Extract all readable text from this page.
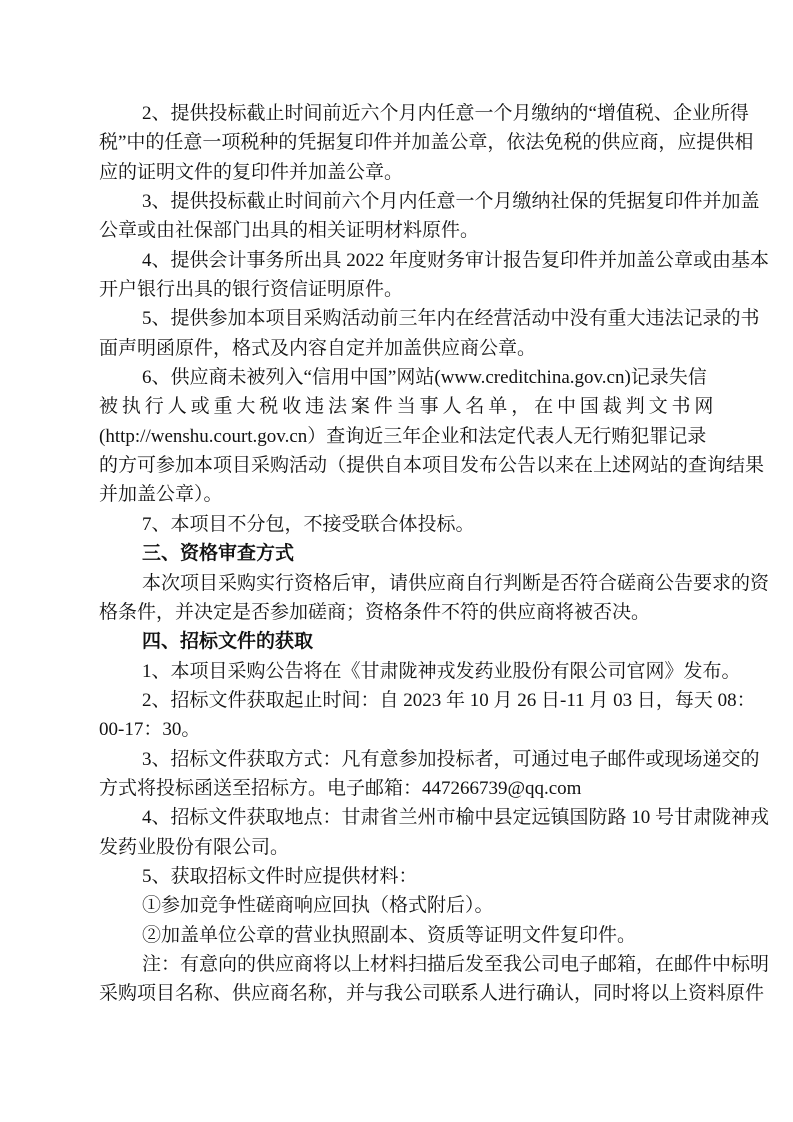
2、提供投标截止时间前近六个月内任意一个月缴纳的“增值税、企业所得
税”中的任意一项税种的凭据复印件并加盖公章，依法免税的供应商，应提供相
应的证明文件的复印件并加盖公章。
3、提供投标截止时间前六个月内任意一个月缴纳社保的凭据复印件并加盖
公章或由社保部门出具的相关证明材料原件。
4、提供会计事务所出具 2022 年度财务审计报告复印件并加盖公章或由基本
开户银行出具的银行资信证明原件。
5、提供参加本项目采购活动前三年内在经营活动中没有重大违法记录的书
面声明函原件，格式及内容自定并加盖供应商公章。
6、供应商未被列入“信用中国”网站(www.creditchina.gov.cn)记录失信
被执行人或重大税收违法案件当事人名单，在中国裁判文书网
(http://wenshu.court.gov.cn）查询近三年企业和法定代表人无行贿犯罪记录
的方可参加本项目采购活动（提供自本项目发布公告以来在上述网站的查询结果
并加盖公章）。
7、本项目不分包，不接受联合体投标。
三、资格审查方式
本次项目采购实行资格后审，请供应商自行判断是否符合磋商公告要求的资
格条件，并决定是否参加磋商；资格条件不符的供应商将被否决。
四、招标文件的获取
1、本项目采购公告将在《甘肃陇神戎发药业股份有限公司官网》发布。
2、招标文件获取起止时间：自 2023 年 10 月 26 日-11 月 03 日，每天 08：
00-17：30。
3、招标文件获取方式：凡有意参加投标者，可通过电子邮件或现场递交的
方式将投标函送至招标方。电子邮箱：447266739@qq.com
4、招标文件获取地点：甘肃省兰州市榆中县定远镇国防路 10 号甘肃陇神戎
发药业股份有限公司。
5、获取招标文件时应提供材料：
①参加竞争性磋商响应回执（格式附后）。
②加盖单位公章的营业执照副本、资质等证明文件复印件。
注：有意向的供应商将以上材料扫描后发至我公司电子邮箱，在邮件中标明
采购项目名称、供应商名称，并与我公司联系人进行确认，同时将以上资料原件
